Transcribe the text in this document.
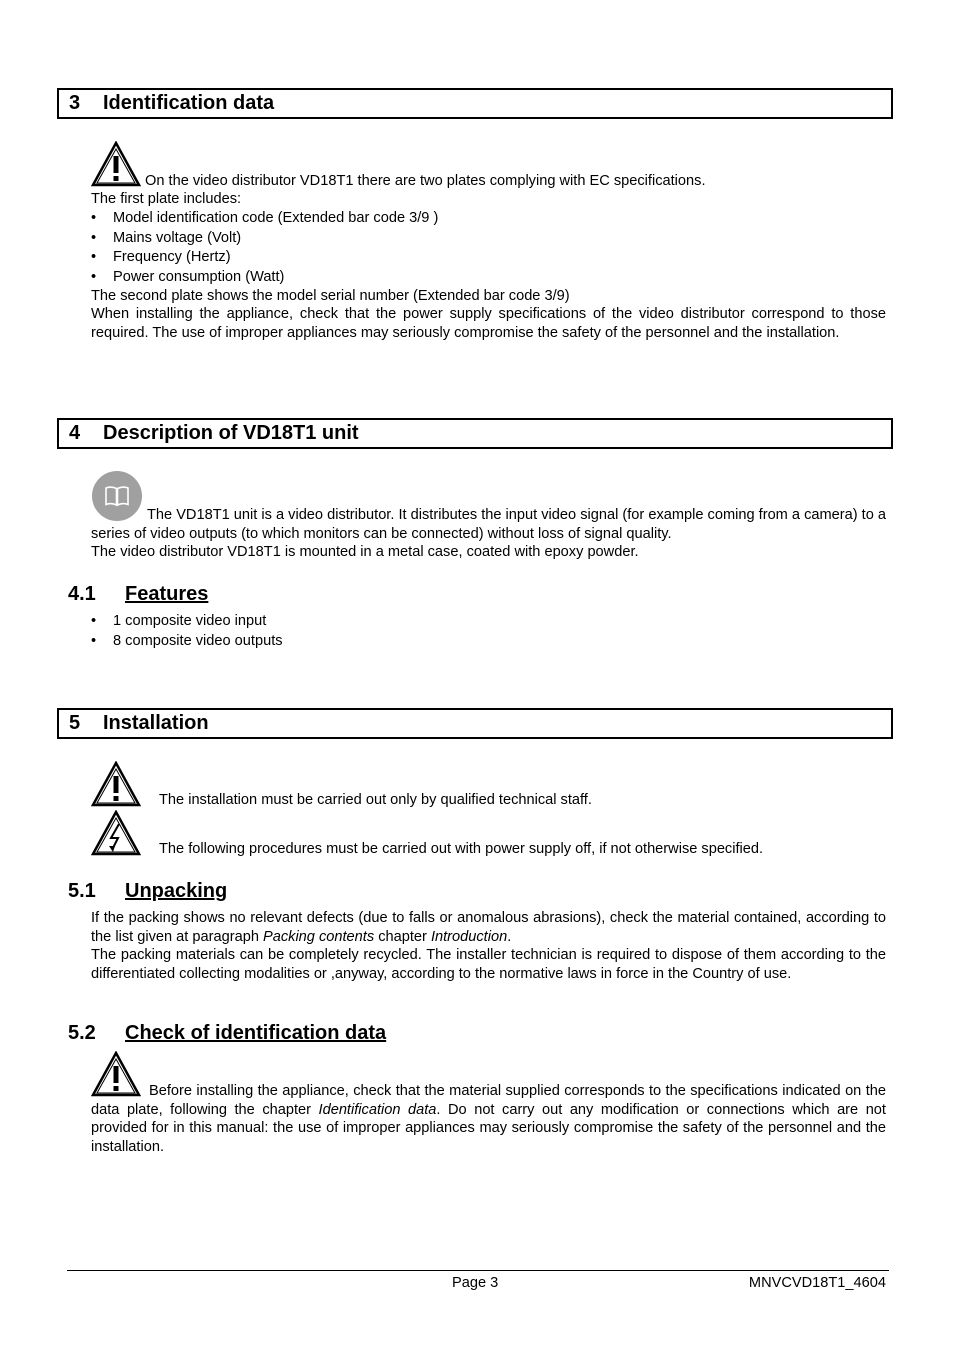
3 Identification data
On the video distributor VD18T1 there are two plates complying with EC specifications.
The first plate includes:
• Model identification code (Extended bar code 3/9 )
• Mains voltage (Volt)
• Frequency (Hertz)
• Power consumption (Watt)
The second plate shows the model serial number (Extended bar code 3/9)
When installing the appliance, check that the power supply specifications of the video distributor correspond to those required. The use of improper appliances may seriously compromise the safety of the personnel and the installation.
4 Description of VD18T1 unit
The VD18T1 unit is a video distributor. It distributes the input video signal (for example coming from a camera) to a series of video outputs (to which monitors can be connected) without loss of signal quality.
The video distributor VD18T1 is mounted in a metal case, coated with epoxy powder.
4.1 Features
• 1 composite video input
• 8 composite video outputs
5 Installation
The installation must be carried out only by qualified technical staff.
The following procedures must be carried out with power supply off, if not otherwise specified.
5.1 Unpacking
If the packing shows no relevant defects (due to falls or anomalous abrasions), check the material contained, according to the list given at paragraph Packing contents chapter Introduction.
The packing materials can be completely recycled. The installer technician is required to dispose of them according to the differentiated collecting modalities or ,anyway, according to the normative laws in force in the Country of use.
5.2 Check of identification data
Before installing the appliance, check that the material supplied corresponds to the specifications indicated on the data plate, following the chapter Identification data. Do not carry out any modification or connections which are not provided for in this manual: the use of improper appliances may seriously compromise the safety of the personnel and the installation.
Page 3	MNVCVD18T1_4604
